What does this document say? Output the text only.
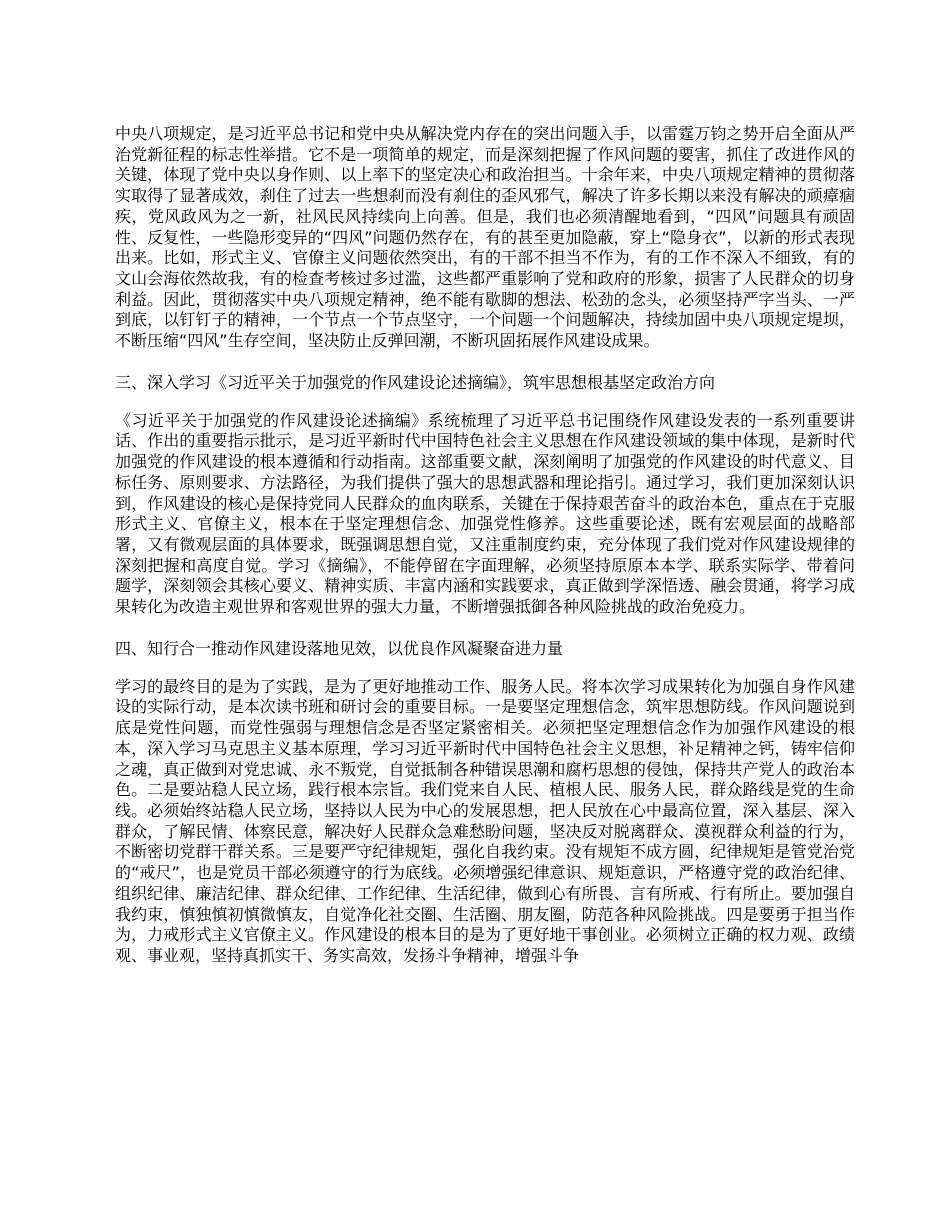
中央八项规定，是习近平总书记和党中央从解决党内存在的突出问题入手，以雷霆万钧之势开启全面从严治党新征程的标志性举措。它不是一项简单的规定，而是深刻把握了作风问题的要害，抓住了改进作风的关键，体现了党中央以身作则、以上率下的坚定决心和政治担当。十余年来，中央八项规定精神的贯彻落实取得了显著成效，刹住了过去一些想刹而没有刹住的歪风邪气，解决了许多长期以来没有解决的顽瘴痼疾，党风政风为之一新，社风民风持续向上向善。但是，我们也必须清醒地看到，“四风”问题具有顽固性、反复性，一些隐形变异的“四风”问题仍然存在，有的甚至更加隐蔽，穿上“隐身衣”，以新的形式表现出来。比如，形式主义、官僚主义问题依然突出，有的干部不担当不作为，有的工作不深入不细致，有的文山会海依然故我，有的检查考核过多过滥，这些都严重影响了党和政府的形象，损害了人民群众的切身利益。因此，贯彻落实中央八项规定精神，绝不能有歇脚的想法、松劲的念头，必须坚持严字当头、一严到底，以钉钉子的精神，一个节点一个节点坚守，一个问题一个问题解决，持续加固中央八项规定堤坝，不断压缩“四风”生存空间，坚决防止反弹回潮，不断巩固拓展作风建设成果。

三、深入学习《习近平关于加强党的作风建设论述摘编》，筑牢思想根基坚定政治方向

《习近平关于加强党的作风建设论述摘编》系统梳理了习近平总书记围绕作风建设发表的一系列重要讲话、作出的重要指示批示，是习近平新时代中国特色社会主义思想在作风建设领域的集中体现，是新时代加强党的作风建设的根本遵循和行动指南。这部重要文献，深刻阐明了加强党的作风建设的时代意义、目标任务、原则要求、方法路径，为我们提供了强大的思想武器和理论指引。通过学习，我们更加深刻认识到，作风建设的核心是保持党同人民群众的血肉联系，关键在于保持艰苦奋斗的政治本色，重点在于克服形式主义、官僚主义，根本在于坚定理想信念、加强党性修养。这些重要论述，既有宏观层面的战略部署，又有微观层面的具体要求，既强调思想自觉，又注重制度约束，充分体现了我们党对作风建设规律的深刻把握和高度自觉。学习《摘编》，不能停留在字面理解，必须坚持原原本本学、联系实际学、带着问题学，深刻领会其核心要义、精神实质、丰富内涵和实践要求，真正做到学深悟透、融会贯通，将学习成果转化为改造主观世界和客观世界的强大力量，不断增强抵御各种风险挑战的政治免疫力。

四、知行合一推动作风建设落地见效，以优良作风凝聚奋进力量

学习的最终目的是为了实践，是为了更好地推动工作、服务人民。将本次学习成果转化为加强自身作风建设的实际行动，是本次读书班和研讨会的重要目标。一是要坚定理想信念，筑牢思想防线。作风问题说到底是党性问题，而党性强弱与理想信念是否坚定紧密相关。必须把坚定理想信念作为加强作风建设的根本，深入学习马克思主义基本原理，学习习近平新时代中国特色社会主义思想，补足精神之钙，铸牢信仰之魂，真正做到对党忠诚、永不叛党，自觉抵制各种错误思潮和腐朽思想的侵蚀，保持共产党人的政治本色。二是要站稳人民立场，践行根本宗旨。我们党来自人民、植根人民、服务人民，群众路线是党的生命线。必须始终站稳人民立场，坚持以人民为中心的发展思想，把人民放在心中最高位置，深入基层、深入群众，了解民情、体察民意，解决好人民群众急难愁盼问题，坚决反对脱离群众、漠视群众利益的行为，不断密切党群干群关系。三是要严守纪律规矩，强化自我约束。没有规矩不成方圆，纪律规矩是管党治党的“戒尺”，也是党员干部必须遵守的行为底线。必须增强纪律意识、规矩意识，严格遵守党的政治纪律、组织纪律、廉洁纪律、群众纪律、工作纪律、生活纪律，做到心有所畏、言有所戒、行有所止。要加强自我约束，慎独慎初慎微慎友，自觉净化社交圈、生活圈、朋友圈，防范各种风险挑战。四是要勇于担当作为，力戒形式主义官僚主义。作风建设的根本目的是为了更好地干事创业。必须树立正确的权力观、政绩观、事业观，坚持真抓实干、务实高效，发扬斗争精神，增强斗争
